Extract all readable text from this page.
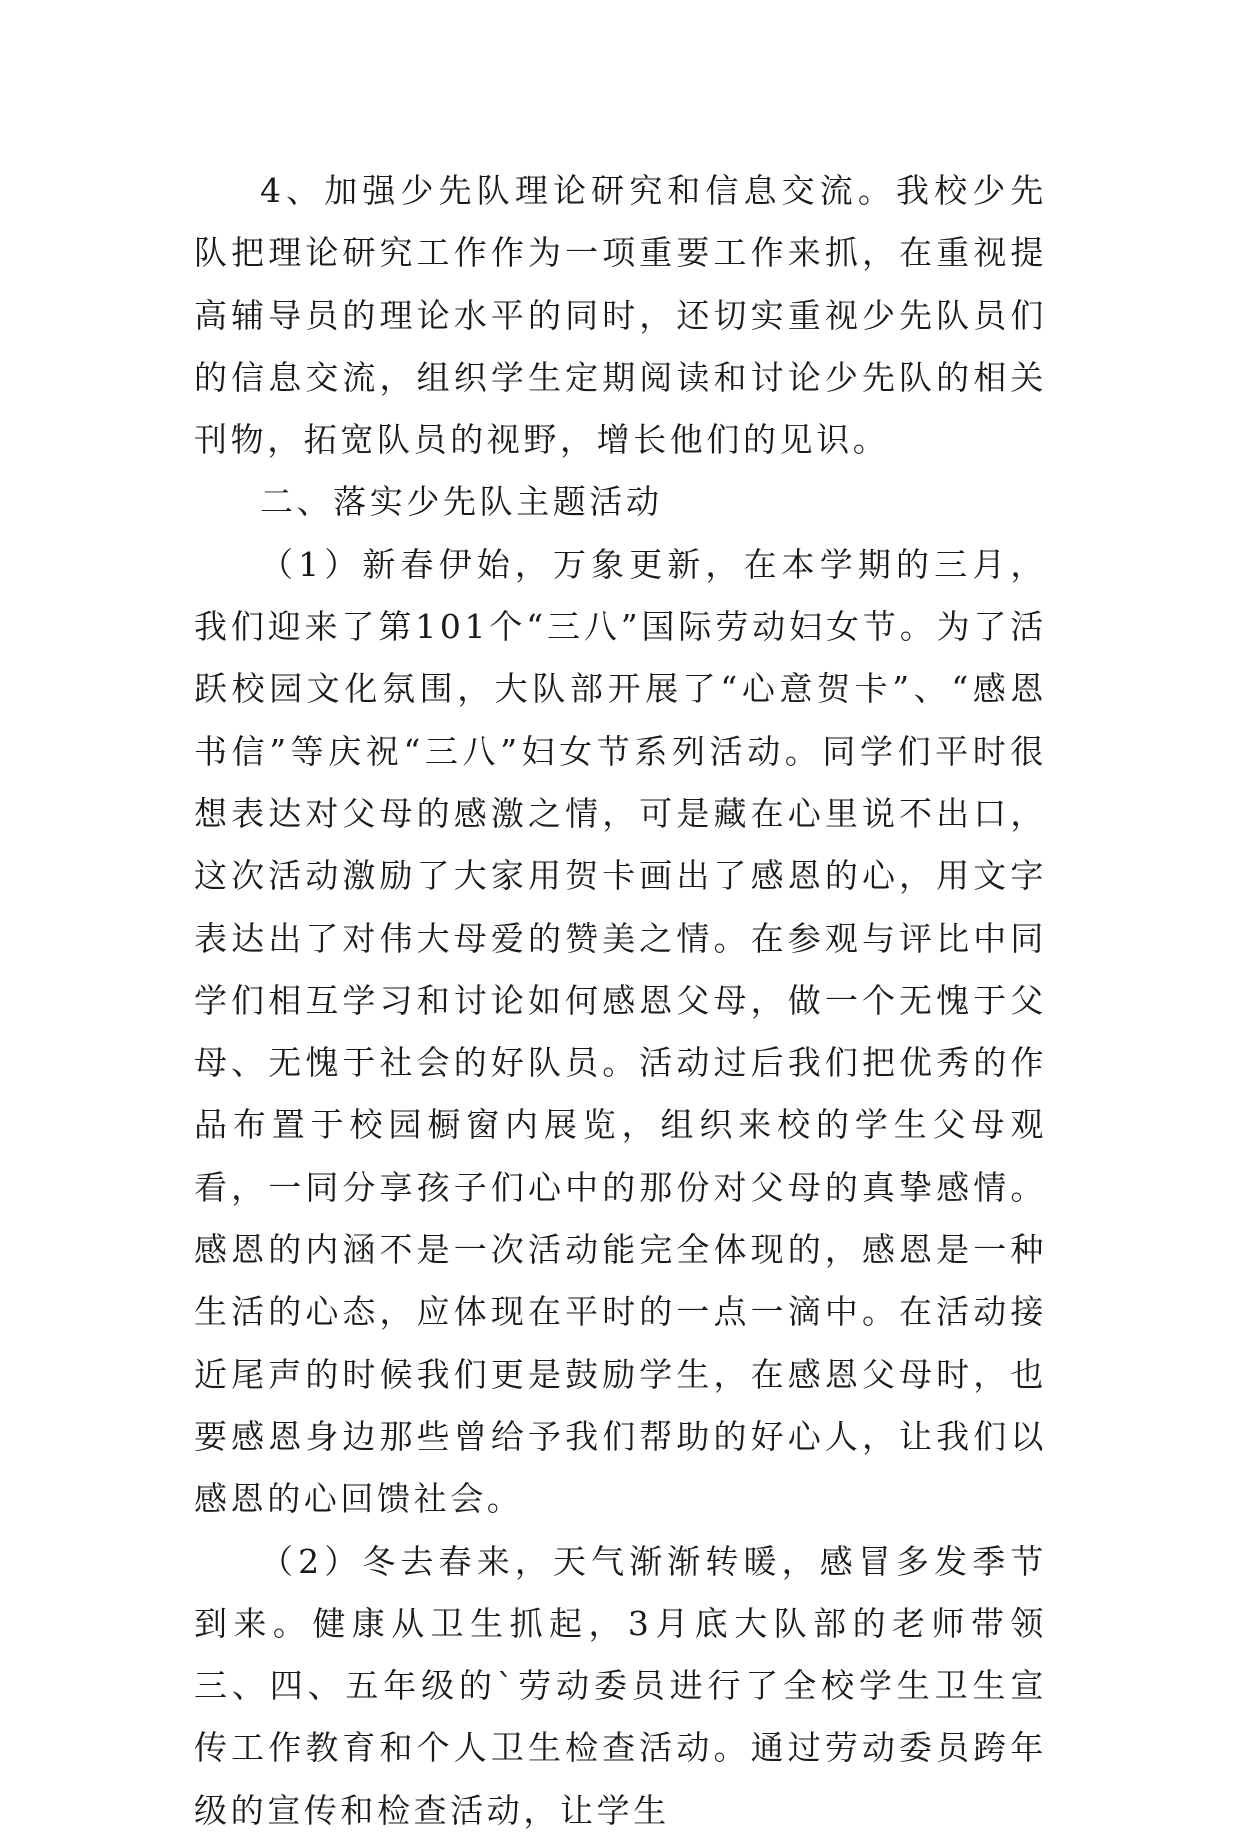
4、加强少先队理论研究和信息交流。我校少先队把理论研究工作作为一项重要工作来抓，在重视提高辅导员的理论水平的同时，还切实重视少先队员们的信息交流，组织学生定期阅读和讨论少先队的相关刊物，拓宽队员的视野，增长他们的见识。

二、落实少先队主题活动

（1）新春伊始，万象更新，在本学期的三月，我们迎来了第101个“三八”国际劳动妇女节。为了活跃校园文化氛围，大队部开展了“心意贺卡”、“感恩书信”等庆祝“三八”妇女节系列活动。同学们平时很想表达对父母的感激之情，可是藏在心里说不出口，这次活动激励了大家用贺卡画出了感恩的心，用文字表达出了对伟大母爱的赞美之情。在参观与评比中同学们相互学习和讨论如何感恩父母，做一个无愧于父母、无愧于社会的好队员。活动过后我们把优秀的作品布置于校园橱窗内展览，组织来校的学生父母观看，一同分享孩子们心中的那份对父母的真挚感情。感恩的内涵不是一次活动能完全体现的，感恩是一种生活的心态，应体现在平时的一点一滴中。在活动接近尾声的时候我们更是鼓励学生，在感恩父母时，也要感恩身边那些曾给予我们帮助的好心人，让我们以感恩的心回馈社会。

（2）冬去春来，天气渐渐转暖，感冒多发季节到来。健康从卫生抓起，3月底大队部的老师带领三、四、五年级的`劳动委员进行了全校学生卫生宣传工作教育和个人卫生检查活动。通过劳动委员跨年级的宣传和检查活动，让学生
